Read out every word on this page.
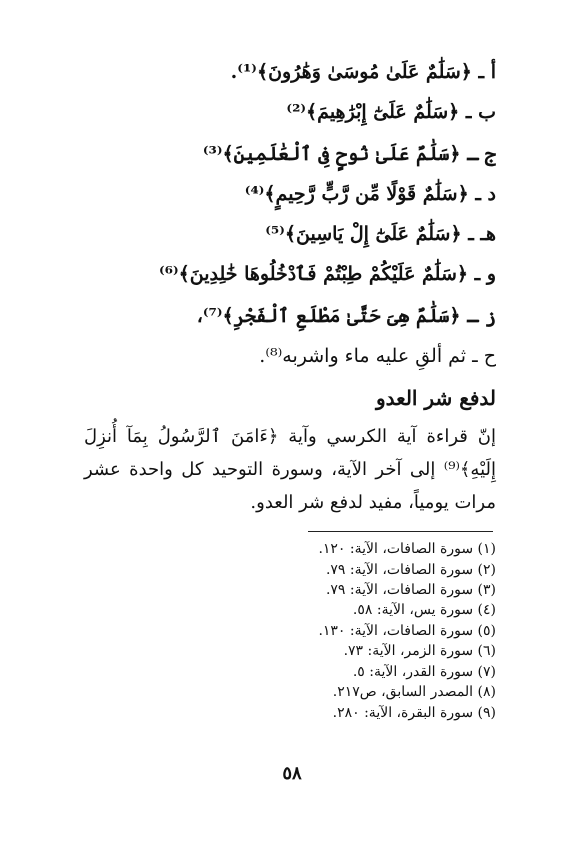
أ ـ ﴿سَلَٰمٌ عَلَىٰ مُوسَىٰ وَهَٰرُونَ﴾⁽¹⁾.
ب ـ ﴿سَلَٰمٌ عَلَىٰٓ إِبْرَٰهِيمَ﴾⁽²⁾
ج ـ ﴿سَلَٰمٌ عَلَىٰ نُوحٍ فِى ٱلْعَٰلَمِينَ﴾⁽³⁾
د ـ ﴿سَلَٰمٌ قَوْلًا مِّن رَّبٍّ رَّحِيمٍ﴾⁽⁴⁾
هـ ـ ﴿سَلَٰمٌ عَلَىٰٓ إِلْ يَاسِينَ﴾⁽⁵⁾
و ـ ﴿سَلَٰمٌ عَلَيْكُمْ طِبْتُمْ فَٱدْخُلُوهَا خَٰلِدِينَ﴾⁽⁶⁾
ز ـ ﴿سَلَٰمٌ هِىَ حَتَّىٰ مَطْلَعِ ٱلْفَجْرِ﴾⁽⁷⁾،
ح ـ ثم ألقِ عليه ماء واشربه⁽⁸⁾.
لدفع شر العدو
إنّ قراءة آية الكرسي وآية ﴿ءَامَنَ ٱلرَّسُولُ بِمَآ أُنزِلَ إِلَيْهِ﴾⁽⁹⁾ إلى آخر الآية، وسورة التوحيد كل واحدة عشر مرات يومياً، مفيد لدفع شر العدو.
(١) سورة الصافات، الآية: ١٢٠.
(٢) سورة الصافات، الآية: ٧٩.
(٣) سورة الصافات، الآية: ٧٩.
(٤) سورة يس، الآية: ٥٨.
(٥) سورة الصافات، الآية: ١٣٠.
(٦) سورة الزمر، الآية: ٧٣.
(٧) سورة القدر، الآية: ٥.
(٨) المصدر السابق، ص٢١٧.
(٩) سورة البقرة، الآية: ٢٨٠.
٥٨
